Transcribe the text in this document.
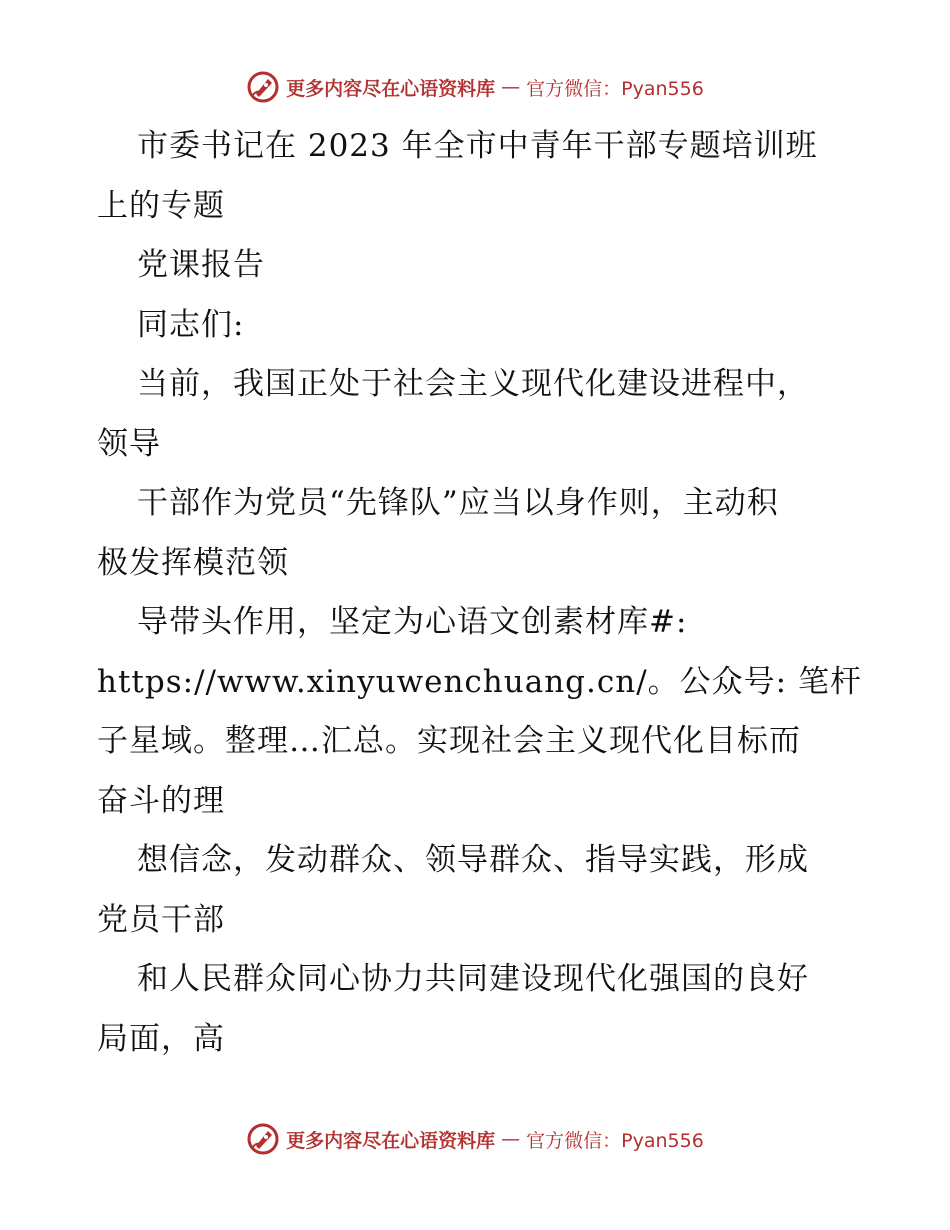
更多内容尽在心语资料库 — 官方微信：Pyan556
市委书记在 2023 年全市中青年干部专题培训班
上的专题
党课报告
同志们:
当前，我国正处于社会主义现代化建设进程中，
领导
干部作为党员“先锋队”应当以身作则，主动积
极发挥模范领
导带头作用，坚定为心语文创素材库#:
https://www.xinyuwenchuang.cn/。公众号: 笔杆
子星域。整理…汇总。实现社会主义现代化目标而
奋斗的理
想信念，发动群众、领导群众、指导实践，形成
党员干部
和人民群众同心协力共同建设现代化强国的良好
局面，高
更多内容尽在心语资料库 — 官方微信：Pyan556
